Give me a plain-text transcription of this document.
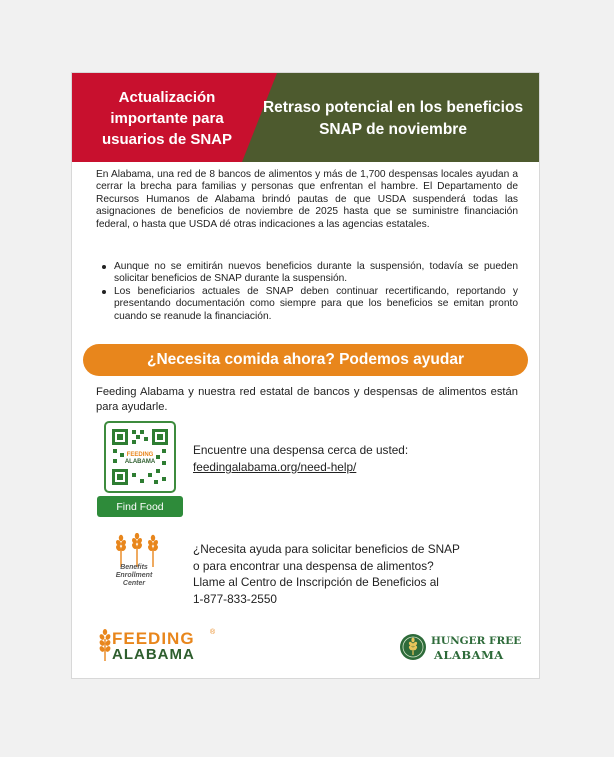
Actualización importante para usuarios de SNAP
Retraso potencial en los beneficios SNAP de noviembre
En Alabama, una red de 8 bancos de alimentos y más de 1,700 despensas locales ayudan a cerrar la brecha para familias y personas que enfrentan el hambre. El Departamento de Recursos Humanos de Alabama brindó pautas de que USDA suspenderá todas las asignaciones de beneficios de noviembre de 2025 hasta que se suministre financiación federal, o hasta que USDA dé otras indicaciones a las agencias estatales.
Aunque no se emitirán nuevos beneficios durante la suspensión, todavía se pueden solicitar beneficios de SNAP durante la suspensión.
Los beneficiarios actuales de SNAP deben continuar recertificando, reportando y presentando documentación como siempre para que los beneficios se emitan pronto cuando se reanude la financiación.
¿Necesita comida ahora? Podemos ayudar
Feeding Alabama y nuestra red estatal de bancos y despensas de alimentos están para ayudarle.
FEEDING
ALABAMA
Find Food
Encuentre una despensa cerca de usted:
feedingalabama.org/need-help/
Benefits
Enrollment
Center
¿Necesita ayuda para solicitar beneficios de SNAP
o para encontrar una despensa de alimentos?
Llame al Centro de Inscripción de Beneficios al
1-877-833-2550
FEEDING ®
ALABAMA
HUNGER FREE
ALABAMA
